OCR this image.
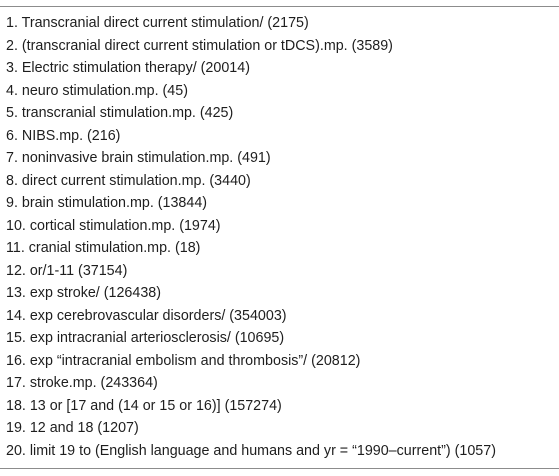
1. Transcranial direct current stimulation/ (2175)
2. (transcranial direct current stimulation or tDCS).mp. (3589)
3. Electric stimulation therapy/ (20014)
4. neuro stimulation.mp. (45)
5. transcranial stimulation.mp. (425)
6. NIBS.mp. (216)
7. noninvasive brain stimulation.mp. (491)
8. direct current stimulation.mp. (3440)
9. brain stimulation.mp. (13844)
10. cortical stimulation.mp. (1974)
11. cranial stimulation.mp. (18)
12. or/1-11 (37154)
13. exp stroke/ (126438)
14. exp cerebrovascular disorders/ (354003)
15. exp intracranial arteriosclerosis/ (10695)
16. exp “intracranial embolism and thrombosis”/ (20812)
17. stroke.mp. (243364)
18. 13 or [17 and (14 or 15 or 16)] (157274)
19. 12 and 18 (1207)
20. limit 19 to (English language and humans and yr = “1990–current”) (1057)
